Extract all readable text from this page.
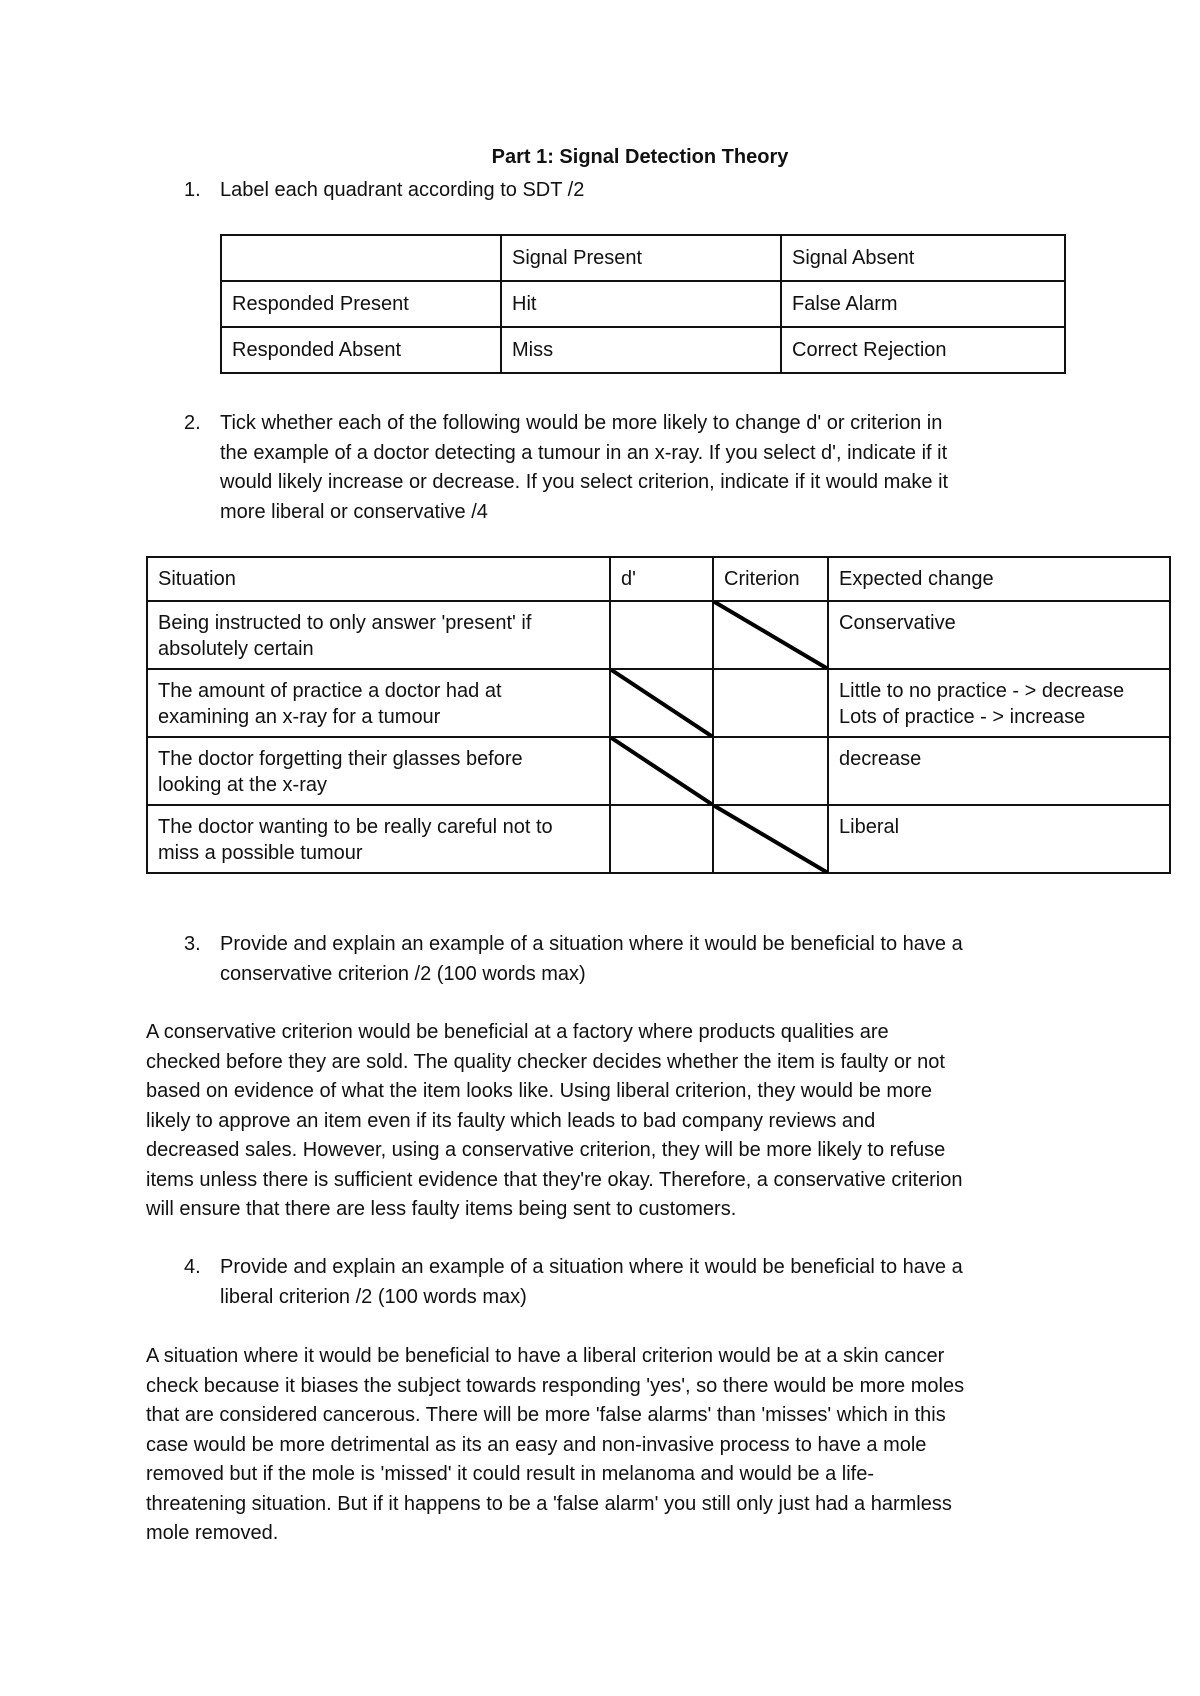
Part 1: Signal Detection Theory
1. Label each quadrant according to SDT /2
	Signal Present	Signal Absent
Responded Present	Hit	False Alarm
Responded Absent	Miss	Correct Rejection
2. Tick whether each of the following would be more likely to change d' or criterion in
the example of a doctor detecting a tumour in an x-ray. If you select d', indicate if it
would likely increase or decrease. If you select criterion, indicate if it would make it
more liberal or conservative /4
Situation	d'	Criterion	Expected change

Being instructed to only answer 'present' if
absolutely certain			Conservative

The amount of practice a doctor had at
examining an x-ray for a tumour			Little to no practice - > decrease
Lots of practice - > increase

The doctor forgetting their glasses before
looking at the x-ray			decrease

The doctor wanting to be really careful not to
miss a possible tumour			Liberal
3. Provide and explain an example of a situation where it would be beneficial to have a
conservative criterion /2 (100 words max)
A conservative criterion would be beneficial at a factory where products qualities are
checked before they are sold. The quality checker decides whether the item is faulty or not
based on evidence of what the item looks like. Using liberal criterion, they would be more
likely to approve an item even if its faulty which leads to bad company reviews and
decreased sales. However, using a conservative criterion, they will be more likely to refuse
items unless there is sufficient evidence that they're okay. Therefore, a conservative criterion
will ensure that there are less faulty items being sent to customers.
4. Provide and explain an example of a situation where it would be beneficial to have a
liberal criterion /2 (100 words max)
A situation where it would be beneficial to have a liberal criterion would be at a skin cancer
check because it biases the subject towards responding 'yes', so there would be more moles
that are considered cancerous. There will be more 'false alarms' than 'misses' which in this
case would be more detrimental as its an easy and non-invasive process to have a mole
removed but if the mole is 'missed' it could result in melanoma and would be a life-
threatening situation. But if it happens to be a 'false alarm' you still only just had a harmless
mole removed.
